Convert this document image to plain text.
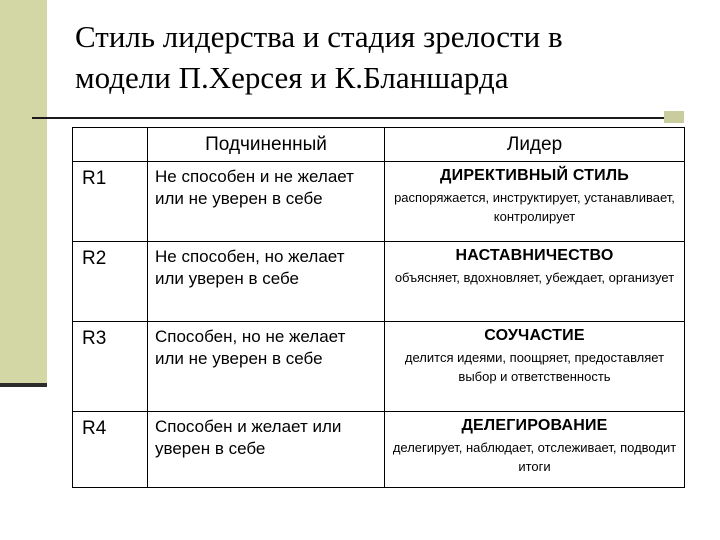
Стиль лидерства и стадия зрелости в
модели П.Херсея и К.Бланшарда
	Подчиненный	Лидер
R1	Не способен и не желает или не уверен в себе	ДИРЕКТИВНЫЙ СТИЛЬ
распоряжается, инструктирует, устанавливает, контролирует

R2	Не способен, но желает или уверен в себе	НАСТАВНИЧЕСТВО
объясняет, вдохновляет, убеждает, организует

R3	Способен, но не желает или не уверен в себе	СОУЧАСТИЕ
делится идеями, поощряет, предоставляет выбор и ответственность

R4	Способен и желает или уверен в себе	ДЕЛЕГИРОВАНИЕ
делегирует, наблюдает, отслеживает, подводит итоги
